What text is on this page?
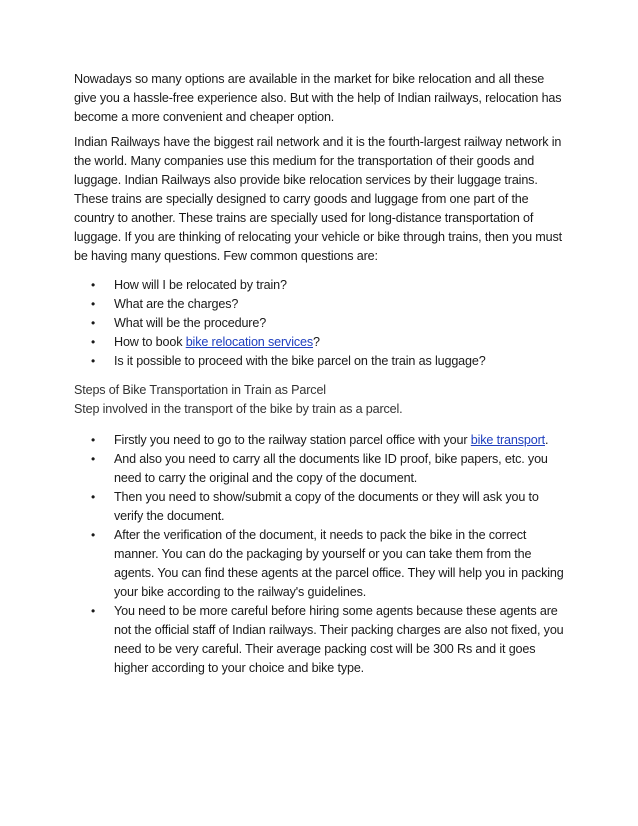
Nowadays so many options are available in the market for bike relocation and all these give you a hassle-free experience also. But with the help of Indian railways, relocation has become a more convenient and cheaper option.

Indian Railways have the biggest rail network and it is the fourth-largest railway network in the world. Many companies use this medium for the transportation of their goods and luggage. Indian Railways also provide bike relocation services by their luggage trains. These trains are specially designed to carry goods and luggage from one part of the country to another. These trains are specially used for long-distance transportation of luggage. If you are thinking of relocating your vehicle or bike through trains, then you must be having many questions. Few common questions are:

• How will I be relocated by train?
• What are the charges?
• What will be the procedure?
• How to book bike relocation services?
• Is it possible to proceed with the bike parcel on the train as luggage?

Steps of Bike Transportation in Train as Parcel

Step involved in the transport of the bike by train as a parcel.

• Firstly you need to go to the railway station parcel office with your bike transport.
• And also you need to carry all the documents like ID proof, bike papers, etc. you need to carry the original and the copy of the document.
• Then you need to show/submit a copy of the documents or they will ask you to verify the document.
• After the verification of the document, it needs to pack the bike in the correct manner. You can do the packaging by yourself or you can take them from the agents. You can find these agents at the parcel office. They will help you in packing your bike according to the railway's guidelines.
• You need to be more careful before hiring some agents because these agents are not the official staff of Indian railways. Their packing charges are also not fixed, you need to be very careful. Their average packing cost will be 300 Rs and it goes higher according to your choice and bike type.
